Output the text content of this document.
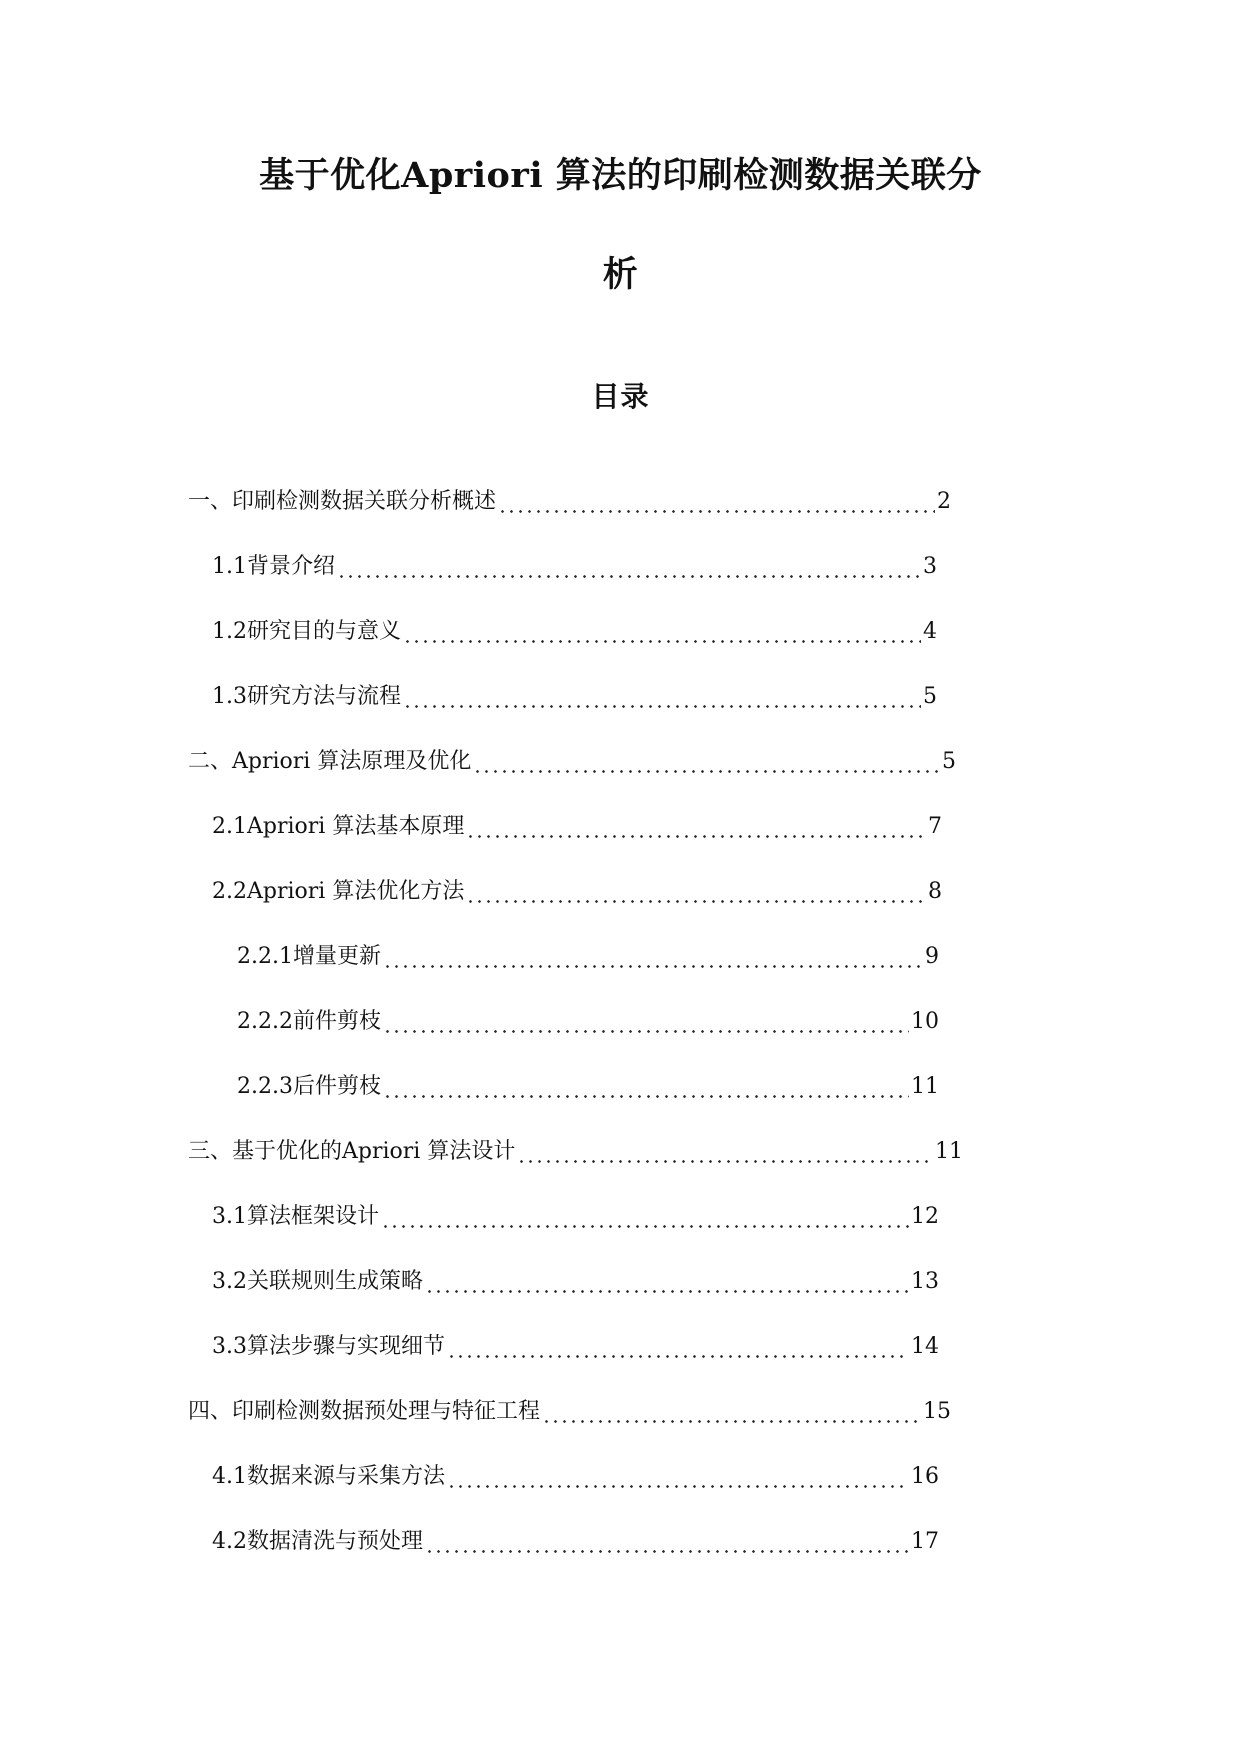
基于优化Apriori 算法的印刷检测数据关联分
析
目录
一、 印刷检测数据关联分析概述	2
1.1 背景介绍	3
1.2 研究目的与意义	4
1.3 研究方法与流程	5
二、 Apriori 算法原理及优化	5
2.1 Apriori 算法基本原理	7
2.2 Apriori 算法优化方法	8
2.2.1 增量更新	9
2.2.2 前件剪枝	10
2.2.3 后件剪枝	11
三、 基于优化的Apriori 算法设计	11
3.1 算法框架设计	12
3.2 关联规则生成策略	13
3.3 算法步骤与实现细节	14
四、 印刷检测数据预处理与特征工程	15
4.1 数据来源与采集方法	16
4.2 数据清洗与预处理	17
